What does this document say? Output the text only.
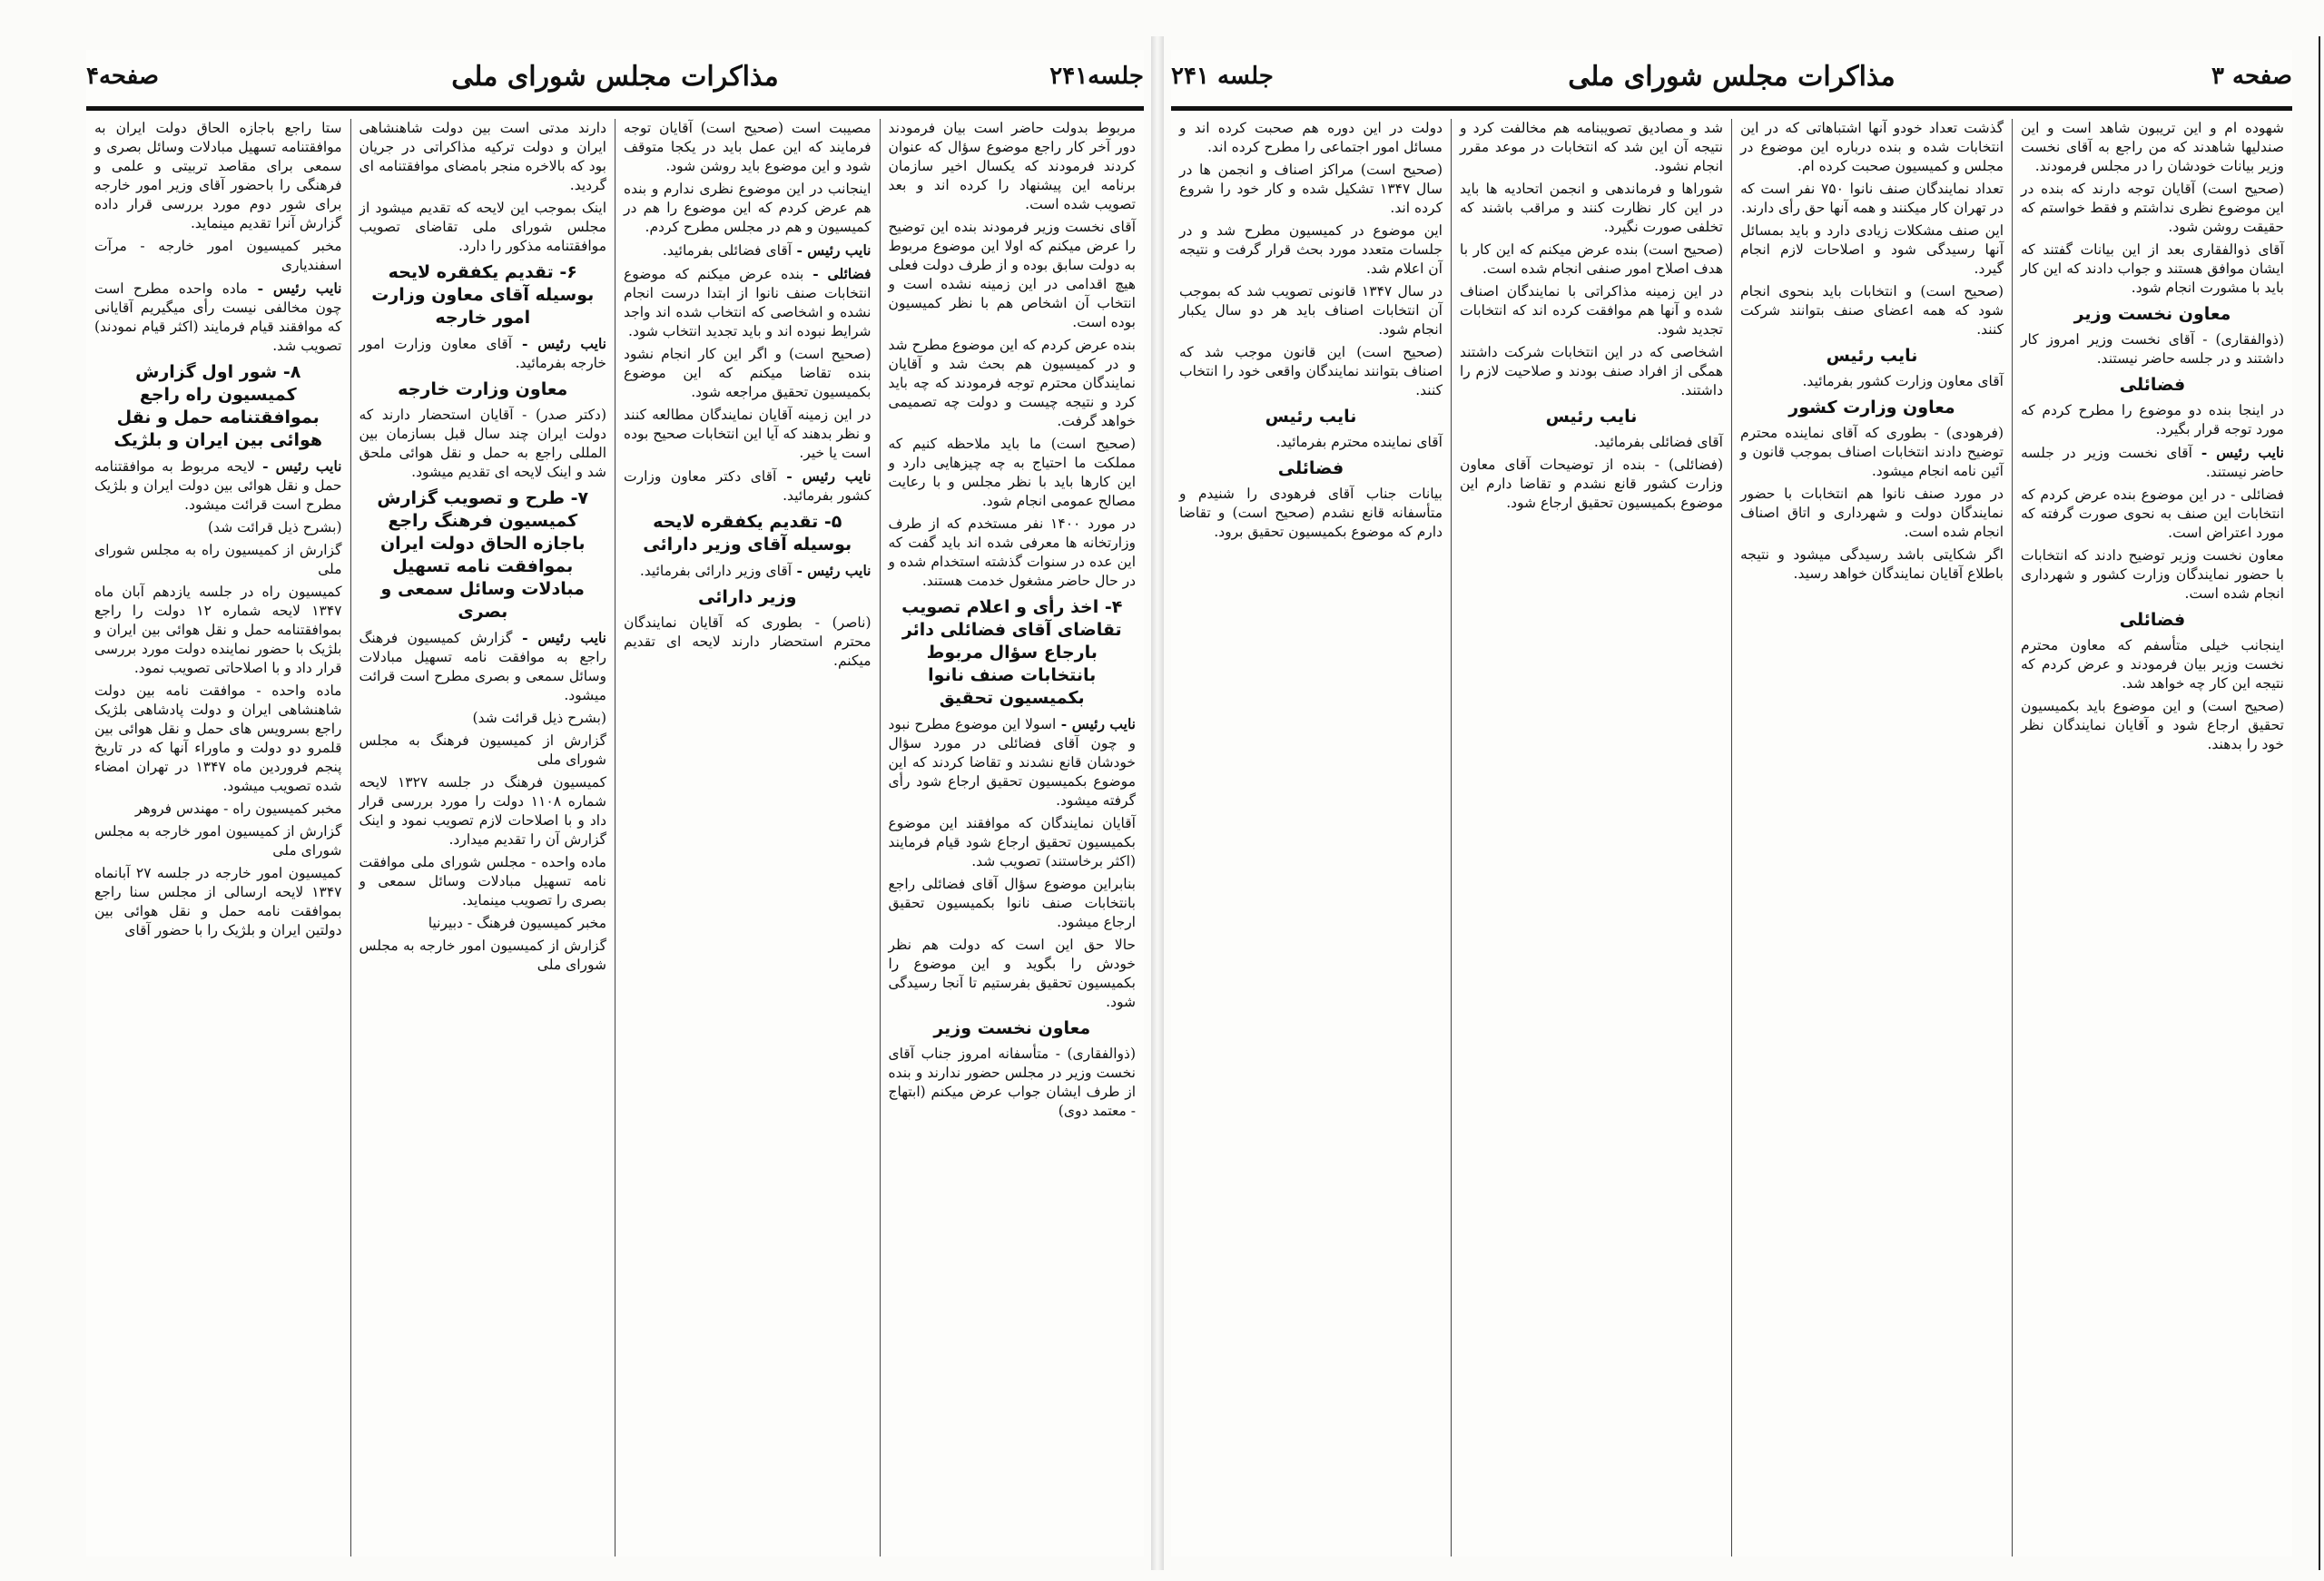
صفحه۴	مذاکرات مجلس شورای ملی	جلسه۲۴۱

مربوط بدولت حاضر است بیان فرمودند دور آخر کار راجع موضوع سؤال که عنوان کردند فرمودند که یکسال اخیر سازمان برنامه این پیشنهاد را کرده اند و بعد تصویب شده است.

آقای نخست وزیر فرمودند بنده این توضیح را عرض میکنم که اولا این موضوع مربوط به دولت سابق بوده و از طرف دولت فعلی هیچ اقدامی در این زمینه نشده است و انتخاب آن اشخاص هم با نظر کمیسیون بوده است.

بنده عرض کردم که این موضوع مطرح شد و در کمیسیون هم بحث شد و آقایان نمایندگان محترم توجه فرمودند که چه باید کرد و نتیجه چیست و دولت چه تصمیمی خواهد گرفت.

(صحیح است) ما باید ملاحظه کنیم که مملکت ما احتیاج به چه چیزهایی دارد و این کارها باید با نظر مجلس و با رعایت مصالح عمومی انجام شود.

در مورد ۱۴۰۰ نفر مستخدم که از طرف وزارتخانه ها معرفی شده اند باید گفت که این عده در سنوات گذشته استخدام شده و در حال حاضر مشغول خدمت هستند.

۴- اخذ رأی و اعلام تصویب تقاضای آقای فضائلی دائر بارجاع سؤال مربوط بانتخابات صنف نانوا بکمیسیون تحقیق

نایب رئیس - اسولا این موضوع مطرح نبود و چون آقای فضائلی در مورد سؤال خودشان قانع نشدند و تقاضا کردند که این موضوع بکمیسیون تحقیق ارجاع شود رأی گرفته میشود.

آقایان نمایندگان که موافقند این موضوع بکمیسیون تحقیق ارجاع شود قیام فرمایند (اکثر برخاستند) تصویب شد.

بنابراین موضوع سؤال آقای فضائلی راجع بانتخابات صنف نانوا بکمیسیون تحقیق ارجاع میشود.

حالا حق این است که دولت هم نظر خودش را بگوید و این موضوع را بکمیسیون تحقیق بفرستیم تا آنجا رسیدگی شود.

معاون نخست وزیر

(ذوالفقاری) - متأسفانه امروز جناب آقای نخست وزیر در مجلس حضور ندارند و بنده از طرف ایشان جواب عرض میکنم (ابتهاج - معتمد دوی)

مصیبت است (صحیح است) آقایان توجه فرمایند که این عمل باید در یکجا متوقف شود و این موضوع باید روشن شود.

اینجانب در این موضوع نظری ندارم و بنده هم عرض کردم که این موضوع را هم در کمیسیون و هم در مجلس مطرح کردم.

نایب رئیس - آقای فضائلی بفرمائید.

فضائلی - بنده عرض میکنم که موضوع انتخابات صنف نانوا از ابتدا درست انجام نشده و اشخاصی که انتخاب شده اند واجد شرایط نبوده اند و باید تجدید انتخاب شود.

(صحیح است) و اگر این کار انجام نشود بنده تقاضا میکنم که این موضوع بکمیسیون تحقیق مراجعه شود.

در این زمینه آقایان نمایندگان مطالعه کنند و نظر بدهند که آیا این انتخابات صحیح بوده است یا خیر.

نایب رئیس - آقای دکتر معاون وزارت کشور بفرمائید.

۵- تقدیم یکفقره لایحه بوسیله آقای وزیر دارائی

نایب رئیس - آقای وزیر دارائی بفرمائید.

وزیر دارائی

(ناصر) - بطوری که آقایان نمایندگان محترم استحضار دارند لایحه ای تقدیم میکنم.

دارند مدتی است بین دولت شاهنشاهی ایران و دولت ترکیه مذاکراتی در جریان بود که بالاخره منجر بامضای موافقتنامه ای گردید.

اینک بموجب این لایحه که تقدیم میشود از مجلس شورای ملی تقاضای تصویب موافقتنامه مذکور را دارد.

۶- تقدیم یکفقره لایحه بوسیله آقای معاون وزارت امور خارجه

نایب رئیس - آقای معاون وزارت امور خارجه بفرمائید.

معاون وزارت خارجه

(دکتر صدر) - آقایان استحضار دارند که دولت ایران چند سال قبل بسازمان بین المللی راجع به حمل و نقل هوائی ملحق شد و اینک لایحه ای تقدیم میشود.

۷- طرح و تصویب گزارش کمیسیون فرهنگ راجع باجازه الحاق دولت ایران بموافقت نامه تسهیل مبادلات وسائل سمعی و بصری

نایب رئیس - گزارش کمیسیون فرهنگ راجع به موافقت نامه تسهیل مبادلات وسائل سمعی و بصری مطرح است قرائت میشود.

(بشرح ذیل قرائت شد)

گزارش از کمیسیون فرهنگ به مجلس شورای ملی

کمیسیون فرهنگ در جلسه ۱۳۲۷ لایحه شماره ۱۱۰۸ دولت را مورد بررسی قرار داد و با اصلاحات لازم تصویب نمود و اینک گزارش آن را تقدیم میدارد.

ماده واحده - مجلس شورای ملی موافقت نامه تسهیل مبادلات وسائل سمعی و بصری را تصویب مینماید.

مخبر کمیسیون فرهنگ - دبیرنیا

گزارش از کمیسیون امور خارجه به مجلس شورای ملی

ستا راجع باجازه الحاق دولت ایران به موافقتنامه تسهیل مبادلات وسائل بصری و سمعی برای مقاصد تربیتی و علمی و فرهنگی را باحضور آقای وزیر امور خارجه برای شور دوم مورد بررسی قرار داده گزارش آنرا تقدیم مینماید.

مخبر کمیسیون امور خارجه - مرآت اسفندیاری

نایب رئیس - ماده واحده مطرح است چون مخالفی نیست رأی میگیریم آقایانی که موافقند قیام فرمایند (اکثر قیام نمودند) تصویب شد.

۸- شور اول گزارش کمیسیون راه راجع بموافقتنامه حمل و نقل هوائی بین ایران و بلژیک

نایب رئیس - لایحه مربوط به موافقتنامه حمل و نقل هوائی بین دولت ایران و بلژیک مطرح است قرائت میشود.

(بشرح ذیل قرائت شد)

گزارش از کمیسیون راه به مجلس شورای ملی

کمیسیون راه در جلسه یازدهم آبان ماه ۱۳۴۷ لایحه شماره ۱۲ دولت را راجع بموافقتنامه حمل و نقل هوائی بین ایران و بلژیک با حضور نماینده دولت مورد بررسی قرار داد و با اصلاحاتی تصویب نمود.

ماده واحده - موافقت نامه بین دولت شاهنشاهی ایران و دولت پادشاهی بلژیک راجع بسرویس های حمل و نقل هوائی بین قلمرو دو دولت و ماوراء آنها که در تاریخ پنجم فروردین ماه ۱۳۴۷ در تهران امضاء شده تصویب میشود.

مخبر کمیسیون راه - مهندس فروهر

گزارش از کمیسیون امور خارجه به مجلس شورای ملی

کمیسیون امور خارجه در جلسه ۲۷ آبانماه ۱۳۴۷ لایحه ارسالی از مجلس سنا راجع بموافقت نامه حمل و نقل هوائی بین دولتین ایران و بلژیک را با حضور آقای

صفحه ۳
مذاکرات مجلس شورای ملی
جلسه ۲۴۱

شهوده ام و این تریبون شاهد است و این صندلیها شاهدند که من راجع به آقای نخست وزیر بیانات خودشان را در مجلس فرمودند.

(صحیح است) آقایان توجه دارند که بنده در این موضوع نظری نداشتم و فقط خواستم که حقیقت روشن شود.

آقای ذوالفقاری بعد از این بیانات گفتند که ایشان موافق هستند و جواب دادند که این کار باید با مشورت انجام شود.

معاون نخست وزیر

(ذوالفقاری) - آقای نخست وزیر امروز کار داشتند و در جلسه حاضر نیستند.

فضائلی

در اینجا بنده دو موضوع را مطرح کردم که مورد توجه قرار بگیرد.

نایب رئیس - آقای نخست وزیر در جلسه حاضر نیستند.

فضائلی - در این موضوع بنده عرض کردم که انتخابات این صنف به نحوی صورت گرفته که مورد اعتراض است.

معاون نخست وزیر توضیح دادند که انتخابات با حضور نمایندگان وزارت کشور و شهرداری انجام شده است.

فضائلی

اینجانب خیلی متأسفم که معاون محترم نخست وزیر بیان فرمودند و عرض کردم که نتیجه این کار چه خواهد شد.

(صحیح است) و این موضوع باید بکمیسیون تحقیق ارجاع شود و آقایان نمایندگان نظر خود را بدهند.

گذشت تعداد خودو آنها اشتباهاتی که در این انتخابات شده و بنده درباره این موضوع در مجلس و کمیسیون صحبت کرده ام.

تعداد نمایندگان صنف نانوا ۷۵۰ نفر است که در تهران کار میکنند و همه آنها حق رأی دارند.

این صنف مشکلات زیادی دارد و باید بمسائل آنها رسیدگی شود و اصلاحات لازم انجام گیرد.

(صحیح است) و انتخابات باید بنحوی انجام شود که همه اعضای صنف بتوانند شرکت کنند.

نایب رئیس

آقای معاون وزارت کشور بفرمائید.

معاون وزارت کشور

(فرهودی) - بطوری که آقای نماینده محترم توضیح دادند انتخابات اصناف بموجب قانون و آئین نامه انجام میشود.

در مورد صنف نانوا هم انتخابات با حضور نمایندگان دولت و شهرداری و اتاق اصناف انجام شده است.

اگر شکایتی باشد رسیدگی میشود و نتیجه باطلاع آقایان نمایندگان خواهد رسید.

شد و مصادیق تصویبنامه هم مخالفت کرد و نتیجه آن این شد که انتخابات در موعد مقرر انجام نشود.

شوراها و فرماندهی و انجمن اتحادیه ها باید در این کار نظارت کنند و مراقب باشند که تخلفی صورت نگیرد.

(صحیح است) بنده عرض میکنم که این کار با هدف اصلاح امور صنفی انجام شده است.

در این زمینه مذاکراتی با نمایندگان اصناف شده و آنها هم موافقت کرده اند که انتخابات تجدید شود.

اشخاصی که در این انتخابات شرکت داشتند همگی از افراد صنف بودند و صلاحیت لازم را داشتند.

نایب رئیس

آقای فضائلی بفرمائید.

(فضائلی) - بنده از توضیحات آقای معاون وزارت کشور قانع نشدم و تقاضا دارم این موضوع بکمیسیون تحقیق ارجاع شود.

دولت در این دوره هم صحبت کرده اند و مسائل امور اجتماعی را مطرح کرده اند.

(صحیح است) مراکز اصناف و انجمن ها در سال ۱۳۴۷ تشکیل شده و کار خود را شروع کرده اند.

این موضوع در کمیسیون مطرح شد و در جلسات متعدد مورد بحث قرار گرفت و نتیجه آن اعلام شد.

در سال ۱۳۴۷ قانونی تصویب شد که بموجب آن انتخابات اصناف باید هر دو سال یکبار انجام شود.

(صحیح است) این قانون موجب شد که اصناف بتوانند نمایندگان واقعی خود را انتخاب کنند.

نایب رئیس

آقای نماینده محترم بفرمائید.

فضائلی

بیانات جناب آقای فرهودی را شنیدم و متأسفانه قانع نشدم (صحیح است) و تقاضا دارم که موضوع بکمیسیون تحقیق برود.
